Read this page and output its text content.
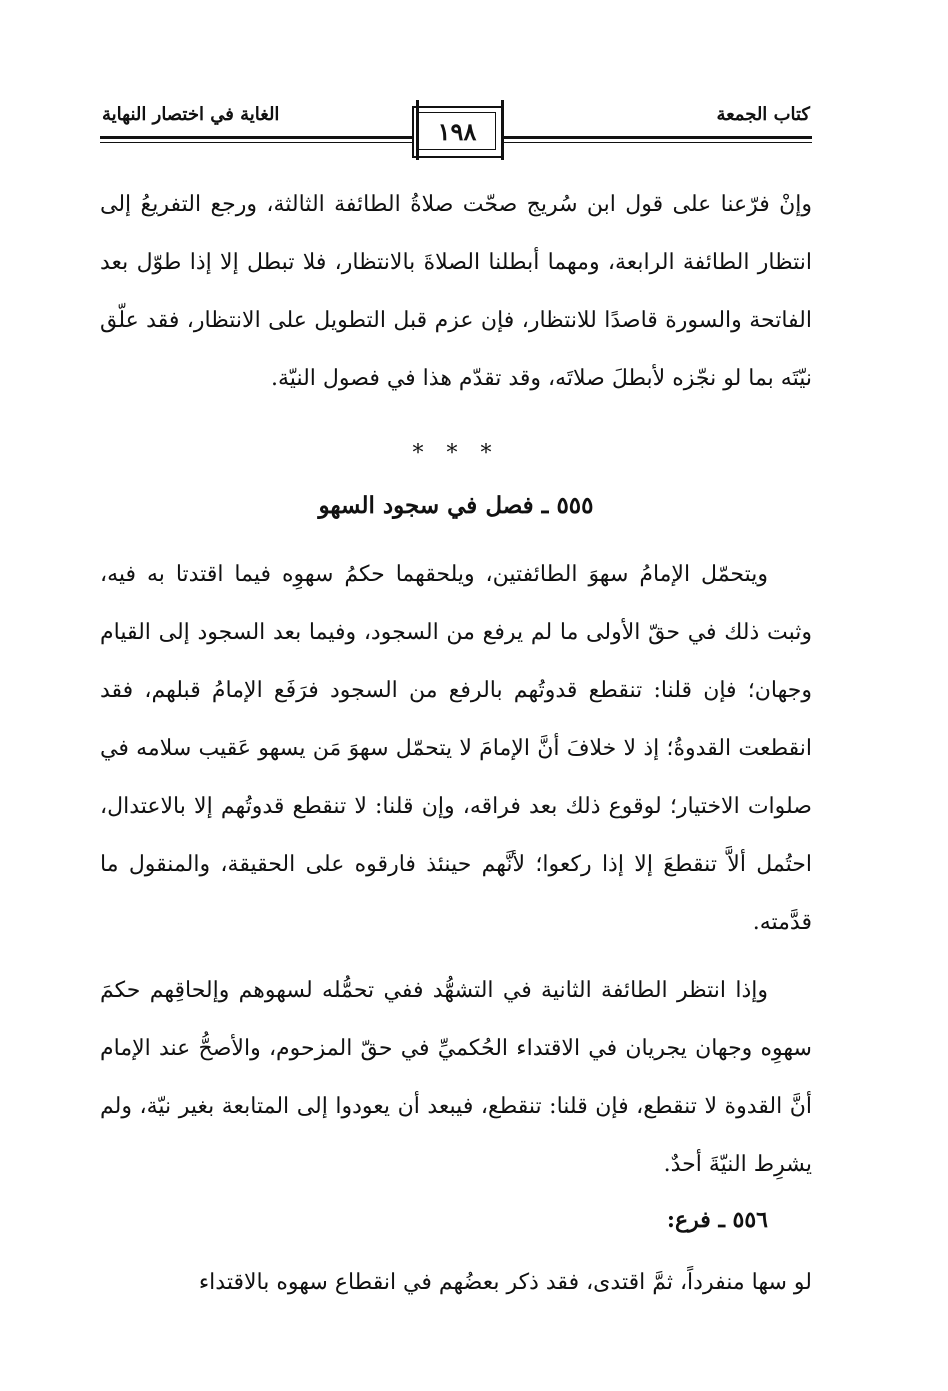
الغاية في اختصار النهاية	كتاب الجمعة
١٩٨

وإنْ فرّعنا على قول ابن سُريج صحّت صلاةُ الطائفة الثالثة، ورجع التفريعُ إلى انتظار الطائفة الرابعة، ومهما أبطلنا الصلاةَ بالانتظار، فلا تبطل إلا إذا طوّل بعد الفاتحة والسورة قاصدًا للانتظار، فإن عزم قبل التطويل على الانتظار، فقد علّق نيّتَه بما لو نجّزه لأبطلَ صلاتَه، وقد تقدّم هذا في فصول النيّة.

* * *
٥٥٥ ـ فصل في سجود السهو

ويتحمّل الإمامُ سهوَ الطائفتين، ويلحقهما حكمُ سهوِه فيما اقتدتا به فيه، وثبت ذلك في حقّ الأولى ما لم يرفع من السجود، وفيما بعد السجود إلى القيام وجهان؛ فإن قلنا: تنقطع قدوتُهم بالرفع من السجود فرَفَع الإمامُ قبلهم، فقد انقطعت القدوةُ؛ إذ لا خلافَ أنَّ الإمامَ لا يتحمّل سهوَ مَن يسهو عَقيب سلامه في صلوات الاختيار؛ لوقوع ذلك بعد فراقه، وإن قلنا: لا تنقطع قدوتُهم إلا بالاعتدال، احتُمل ألاَّ تنقطعَ إلا إذا ركعوا؛ لأنَّهم حينئذ فارقوه على الحقيقة، والمنقول ما قدَّمته.

وإذا انتظر الطائفة الثانية في التشهُّد ففي تحمُّله لسهوهم وإلحاقِهم حكمَ سهوِه وجهان يجريان في الاقتداء الحُكميِّ في حقّ المزحوم، والأصحُّ عند الإمام أنَّ القدوة لا تنقطع، فإن قلنا: تنقطع، فيبعد أن يعودوا إلى المتابعة بغير نيّة، ولم يشرِط النيّةَ أحدٌ.

٥٥٦ ـ فرع:

لو سها منفرداً، ثمَّ اقتدى، فقد ذكر بعضُهم في انقطاع سهوه بالاقتداء
